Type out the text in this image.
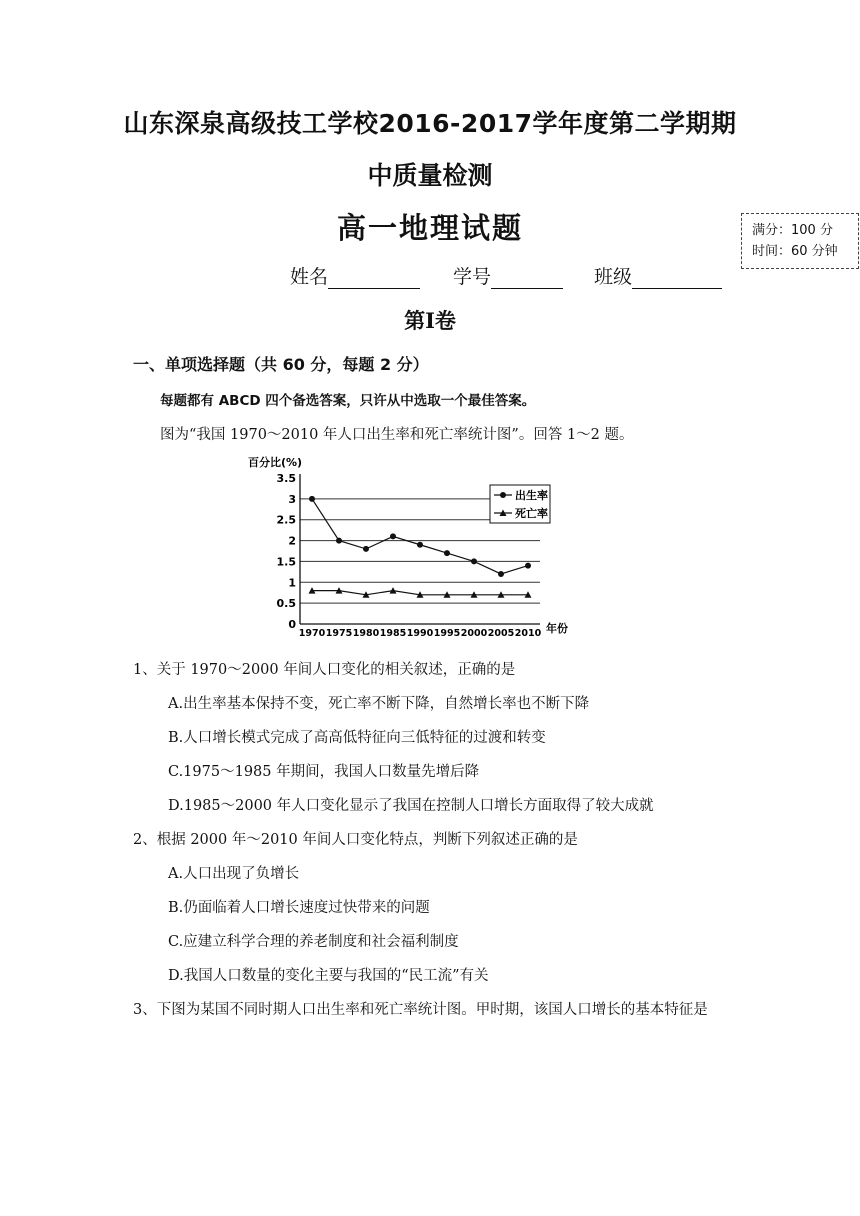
山东深泉高级技工学校2016-2017学年度第二学期期
中质量检测
高一地理试题	满分：100 分
时间：60 分钟
姓名	学号	班级
第Ⅰ卷
一、单项选择题（共 60 分，每题 2 分）
每题都有 ABCD 四个备选答案，只许从中选取一个最佳答案。
图为“我国 1970～2010 年人口出生率和死亡率统计图”。回答 1～2 题。
百分比(%)
0
0.5
1
1.5
2
2.5
3
3.5
1970 1975 1980 1985 1990 1995 2000 2005 2010 年份
出生率
死亡率
1、关于 1970～2000 年间人口变化的相关叙述，正确的是
A.出生率基本保持不变，死亡率不断下降，自然增长率也不断下降
B.人口增长模式完成了高高低特征向三低特征的过渡和转变
C.1975～1985 年期间，我国人口数量先增后降
D.1985～2000 年人口变化显示了我国在控制人口增长方面取得了较大成就
2、根据 2000 年～2010 年间人口变化特点，判断下列叙述正确的是
A.人口出现了负增长
B.仍面临着人口增长速度过快带来的问题
C.应建立科学合理的养老制度和社会福利制度
D.我国人口数量的变化主要与我国的“民工流”有关
3、下图为某国不同时期人口出生率和死亡率统计图。甲时期，该国人口增长的基本特征是
